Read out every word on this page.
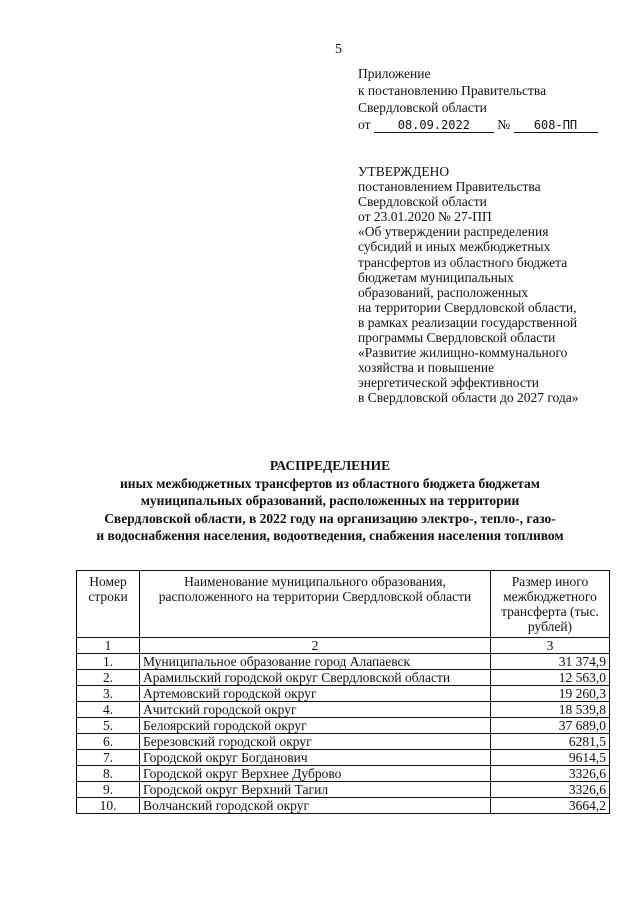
5
Приложение
к постановлению Правительства
Свердловской области
от 08.09.2022 № 608-ПП
УТВЕРЖДЕНО
постановлением Правительства
Свердловской области
от 23.01.2020 № 27-ПП
«Об утверждении распределения
субсидий и иных межбюджетных
трансфертов из областного бюджета
бюджетам муниципальных
образований, расположенных
на территории Свердловской области,
в рамках реализации государственной
программы Свердловской области
«Развитие жилищно-коммунального
хозяйства и повышение
энергетической эффективности
в Свердловской области до 2027 года»
РАСПРЕДЕЛЕНИЕ
иных межбюджетных трансфертов из областного бюджета бюджетам
муниципальных образований, расположенных на территории
Свердловской области, в 2022 году на организацию электро-, тепло-, газо-
и водоснабжения населения, водоотведения, снабжения населения топливом
Номер строки	Наименование муниципального образования, расположенного на территории Свердловской области	Размер иного межбюджетного трансферта (тыс. рублей)
1	2	3
1.	Муниципальное образование город Алапаевск	31 374,9
2.	Арамильский городской округ Свердловской области	12 563,0
3.	Артемовский городской округ	19 260,3
4.	Ачитский городской округ	18 539,8
5.	Белоярский городской округ	37 689,0
6.	Березовский городской округ	6281,5
7.	Городской округ Богданович	9614,5
8.	Городской округ Верхнее Дуброво	3326,6
9.	Городской округ Верхний Тагил	3326,6
10.	Волчанский городской округ	3664,2
